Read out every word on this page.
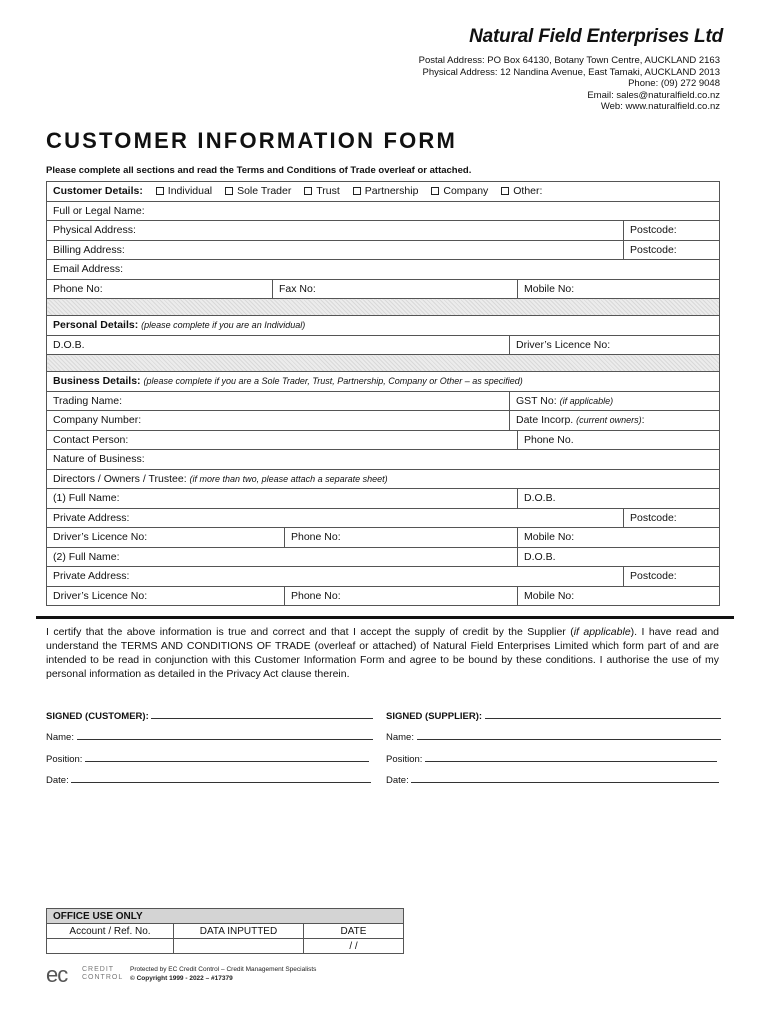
Natural Field Enterprises Ltd
Postal Address: PO Box 64130, Botany Town Centre, AUCKLAND 2163
Physical Address: 12 Nandina Avenue, East Tamaki, AUCKLAND 2013
Phone: (09) 272 9048
Email: sales@naturalfield.co.nz
Web: www.naturalfield.co.nz
CUSTOMER INFORMATION FORM
Please complete all sections and read the Terms and Conditions of Trade overleaf or attached.
Customer Details: Individual Sole Trader Trust Partnership Company Other:					
Full or Legal Name:					
Physical Address:					Postcode:
Billing Address:					Postcode:
Email Address:					
Phone No:	Fax No:			Mobile No:	

Personal Details: (please complete if you are an Individual)					
D.O.B.			Driver’s Licence No:		

Business Details: (please complete if you are a Sole Trader, Trust, Partnership, Company or Other – as specified)					
Trading Name:			GST No: (if applicable)		
Company Number:			Date Incorp. (current owners):		
Contact Person:				Phone No.	
Nature of Business:					
Directors / Owners / Trustee: (if more than two, please attach a separate sheet)					
(1) Full Name:				D.O.B.	
Private Address:					Postcode:
Driver’s Licence No:		Phone No:		Mobile No:	
(2) Full Name:				D.O.B.	
Private Address:					Postcode:
Driver’s Licence No:		Phone No:		Mobile No:	
I certify that the above information is true and correct and that I accept the supply of credit by the Supplier (if applicable). I have read and understand the TERMS AND CONDITIONS OF TRADE (overleaf or attached) of Natural Field Enterprises Limited which form part of and are intended to be read in conjunction with this Customer Information Form and agree to be bound by these conditions. I authorise the use of my personal information as detailed in the Privacy Act clause therein.
SIGNED (CUSTOMER):	SIGNED (SUPPLIER):
Name:	Name:
Position:	Position:
Date:	Date:
OFFICE USE ONLY		
Account / Ref. No.	DATA INPUTTED	DATE
		/ /
ec CREDIT
CONTROL
Protected by EC Credit Control – Credit Management Specialists
© Copyright 1999 - 2022 – #17379
